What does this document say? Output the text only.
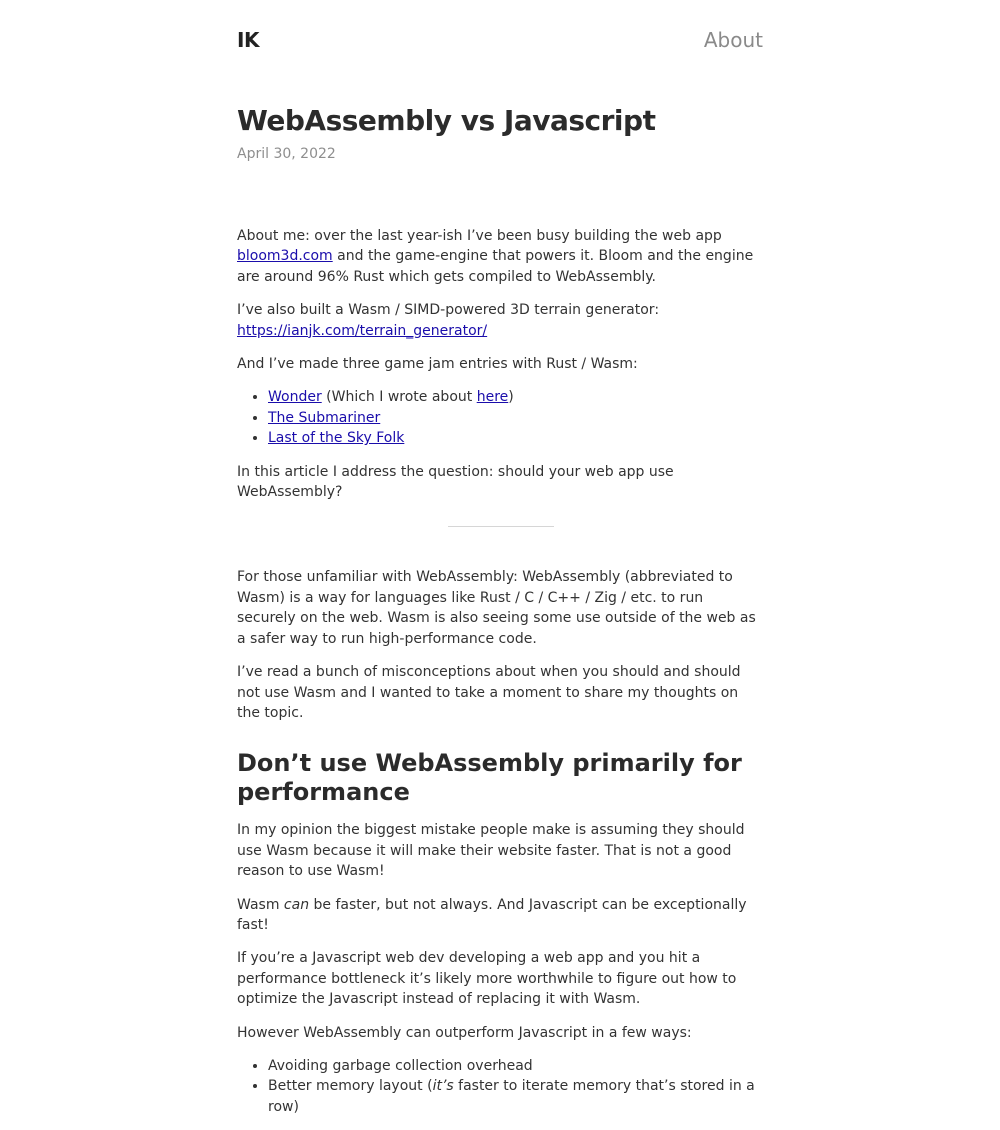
IK	About
WebAssembly vs Javascript
April 30, 2022

About me: over the last year-ish I’ve been busy building the web app bloom3d.com and the game-engine that powers it. Bloom and the engine are around 96% Rust which gets compiled to WebAssembly.

I’ve also built a Wasm / SIMD-powered 3D terrain generator: https://ianjk.com/terrain_generator/

And I’ve made three game jam entries with Rust / Wasm:

• Wonder (Which I wrote about here)
• The Submariner
• Last of the Sky Folk

In this article I address the question: should your web app use WebAssembly?

For those unfamiliar with WebAssembly: WebAssembly (abbreviated to Wasm) is a way for languages like Rust / C / C++ / Zig / etc. to run securely on the web. Wasm is also seeing some use outside of the web as a safer way to run high-performance code.

I’ve read a bunch of misconceptions about when you should and should not use Wasm and I wanted to take a moment to share my thoughts on the topic.

Don’t use WebAssembly primarily for performance

In my opinion the biggest mistake people make is assuming they should use Wasm because it will make their website faster. That is not a good reason to use Wasm!

Wasm can be faster, but not always. And Javascript can be exceptionally fast!

If you’re a Javascript web dev developing a web app and you hit a performance bottleneck it’s likely more worthwhile to figure out how to optimize the Javascript instead of replacing it with Wasm.

However WebAssembly can outperform Javascript in a few ways:

• Avoiding garbage collection overhead
• Better memory layout (it’s faster to iterate memory that’s stored in a row)
